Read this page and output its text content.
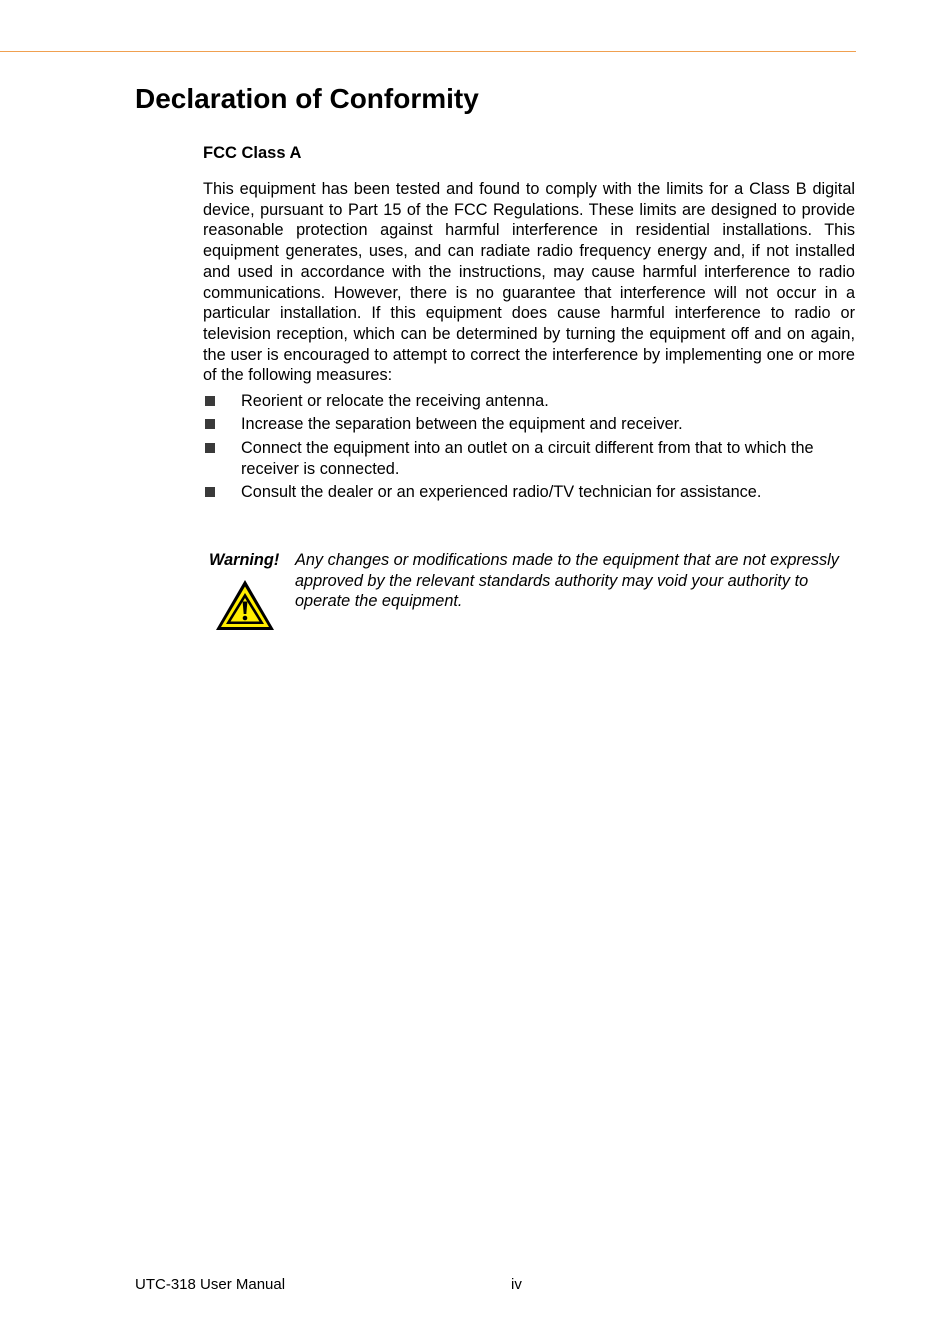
Declaration of Conformity
FCC Class A

This equipment has been tested and found to comply with the limits for a Class B digital device, pursuant to Part 15 of the FCC Regulations. These limits are designed to provide reasonable protection against harmful interference in residential installations. This equipment generates, uses, and can radiate radio frequency energy and, if not installed and used in accordance with the instructions, may cause harmful interference to radio communications. However, there is no guarantee that interference will not occur in a particular installation. If this equipment does cause harmful interference to radio or television reception, which can be determined by turning the equipment off and on again, the user is encouraged to attempt to correct the interference by implementing one or more of the following measures:

Reorient or relocate the receiving antenna.
Increase the separation between the equipment and receiver.
Connect the equipment into an outlet on a circuit different from that to which the receiver is connected.
Consult the dealer or an experienced radio/TV technician for assistance.
Warning! Any changes or modifications made to the equipment that are not expressly approved by the relevant standards authority may void your authority to operate the equipment.

UTC-318 User Manual	iv
